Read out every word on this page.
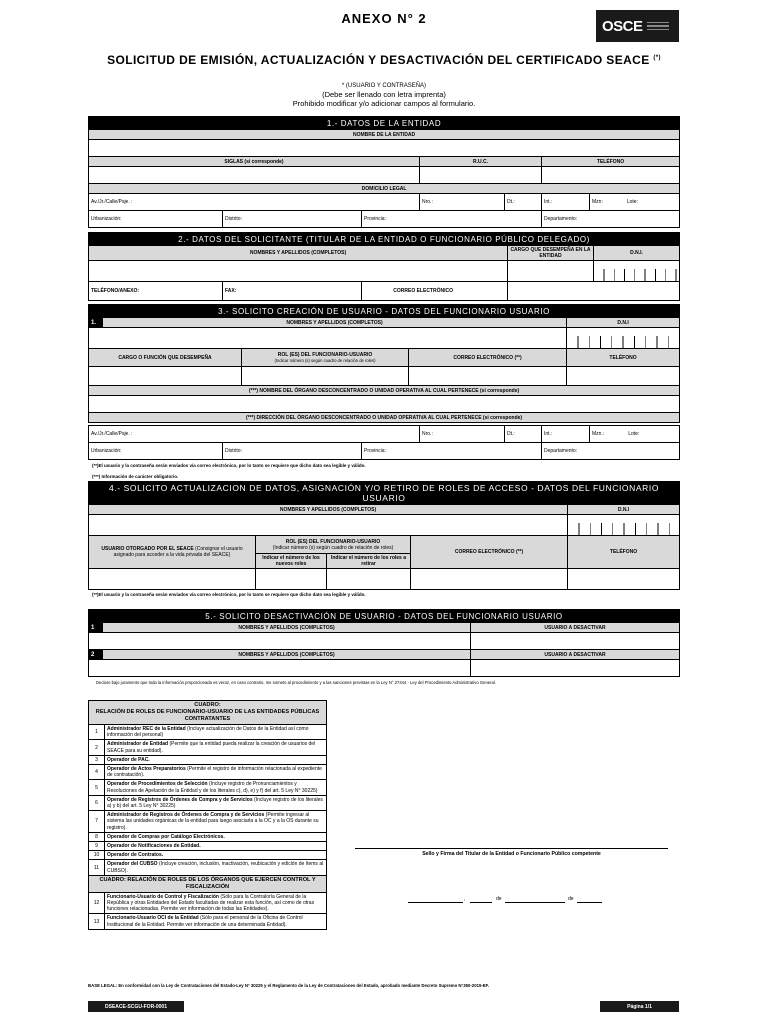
ANEXO N° 2	OSCE
SOLICITUD DE EMISIÓN, ACTUALIZACIÓN Y DESACTIVACIÓN DEL CERTIFICADO SEACE (*)
* (USUARIO Y CONTRASEÑA)
(Debe ser llenado con letra imprenta)
Prohibido modificar y/o adicionar campos al formulario.
1.- DATOS DE LA ENTIDAD						
NOMBRE DE LA ENTIDAD						

SIGLAS (si corresponde)			R.U.C.		TELÉFONO	

DOMICILIO LEGAL						
Av./Jr./Calle/Psje. :			Nro.:	Dt.:	Int.:	Mzn: Lote:
Urbanización:	Distrito:	Provincia:			Departamento:	
2.- DATOS DEL SOLICITANTE (TITULAR DE LA ENTIDAD O FUNCIONARIO PÚBLICO DELEGADO)				
NOMBRES Y APELLIDOS (COMPLETOS)			CARGO QUE DESEMPEÑA EN LA ENTIDAD	D.N.I.

TELÉFONO/ANEXO:	FAX:	CORREO ELECTRÓNICO		
3.- SOLICITO CREACIÓN DE USUARIO - DATOS DEL FUNCIONARIO USUARIO				
1.	NOMBRES Y APELLIDOS (COMPLETOS)			D.N.I

CARGO O FUNCIÓN QUE DESEMPEÑA		ROL (ES) DEL FUNCIONARIO-USUARIO
(Indicar número (s) según cuadro de relación de roles)	CORREO ELECTRÓNICO (**)	TELÉFONO

(***) NOMBRE DEL ÓRGANO DESCONCENTRADO O UNIDAD OPERATIVA AL CUAL PERTENECE (si corresponde)				

(***) DIRECCIÓN DEL ÓRGANO DESCONCENTRADO O UNIDAD OPERATIVA AL CUAL PERTENECE (si corresponde)				
Av./Jr./Calle/Psje. :			Nro.:	Dt.:	Int.:	Mzn.: Lote:
Urbanización:	Distrito:	Provincia:			Departamento:	
(**)El usuario y la contraseña serán enviados vía correo electrónico, por lo tanto se requiere que dicho dato sea legible y válido.
(***) Información de carácter obligatorio.
4.- SOLICITO ACTUALIZACION DE DATOS, ASIGNACIÓN Y/O RETIRO DE ROLES DE ACCESO - DATOS DEL FUNCIONARIO USUARIO				
NOMBRES Y APELLIDOS (COMPLETOS)				D.N.I

USUARIO OTORGADO POR EL SEACE (Consignar el usuario asignado para acceder a la vida privada del SEACE)	ROL (ES) DEL FUNCIONARIO-USUARIO
(Indicar número (s) según cuadro de relación de roles)		CORREO ELECTRÓNICO (**)	TELÉFONO
	Indicar el número de los nuevos roles	Indicar el número de los roles a retirar		

(**)El usuario y la contraseña serán enviados vía correo electrónico, por lo tanto se requiere que dicho dato sea legible y válido.
5.- SOLICITO DESACTIVACIÓN DE USUARIO - DATOS DEL FUNCIONARIO USUARIO		
1	NOMBRES Y APELLIDOS (COMPLETOS)	USUARIO A DESACTIVAR

2	NOMBRES Y APELLIDOS (COMPLETOS)	USUARIO A DESACTIVAR

Declaro bajo juramento que toda la información proporcionada es veraz, en caso contrario, me someto al procedimiento y a las sanciones previstas en la Ley N° 27444 - Ley del Procedimiento Administrativo General.
CUADRO:
RELACIÓN DE ROLES DE FUNCIONARIO-USUARIO DE LAS ENTIDADES PÚBLICAS CONTRATANTES	

1	Administrador REC de la Entidad (Incluye actualización de Datos de la Entidad así como información del personal)
2	Administrador de Entidad (Permite que la entidad pueda realizar la creación de usuarios del SEACE para su entidad).
3	Operador de PAC.
4	Operador de Actos Preparatorios (Permite el registro de información relacionada al expediente de contratación).
5	Operador de Procedimientos de Selección (Incluye registro de Pronunciamientos y Resoluciones de Apelación de la Entidad y de los literales c), d), e) y f) del art. 5 Ley N° 30225)
6	Operador de Registros de Órdenes de Compra y de Servicios (Incluye registro de los literales a) y b) del art. 5 Ley N° 30225)
7	Administrador de Registros de Órdenes de Compra y de Servicios (Permite ingresar al sistema las unidades orgánicas de la entidad para luego asociarla a la OC y a la OS durante su registro).
8	Operador de Compras por Catálogo Electrónicos.
9	Operador de Notificaciones de Entidad.
10	Operador de Contratos.
11	Operador del CUBSO (Incluye creación, inclusión, inactivación, reubicación y edición de ítems al CUBSO).
CUADRO: RELACIÓN DE ROLES DE LOS ÓRGANOS QUE EJERCEN CONTROL Y FISCALIZACIÓN	
12	Funcionario-Usuario de Control y Fiscalización (Sólo para la Contraloría General de la República y otras Entidades del Estado facultadas de realizar esta función, así como de otras funciones relacionadas. Permite ver información de todas las Entidades).
13	Funcionario-Usuario OCI de la Entidad (Sólo para el personal de la Oficina de Control Institucional de la Entidad. Permite ver información de una determinada Entidad).
Sello y Firma del Titular de la Entidad o Funcionario Público competente
,	de	de
BASE LEGAL: En conformidad con la Ley de Contrataciones del Estado-Ley N° 30225 y el Reglamento de la Ley de Contrataciones del Estado, aprobado mediante Decreto Supremo N°350-2015-EF.
DSEACE-SCGU-FOR-0001	Página 1/1
